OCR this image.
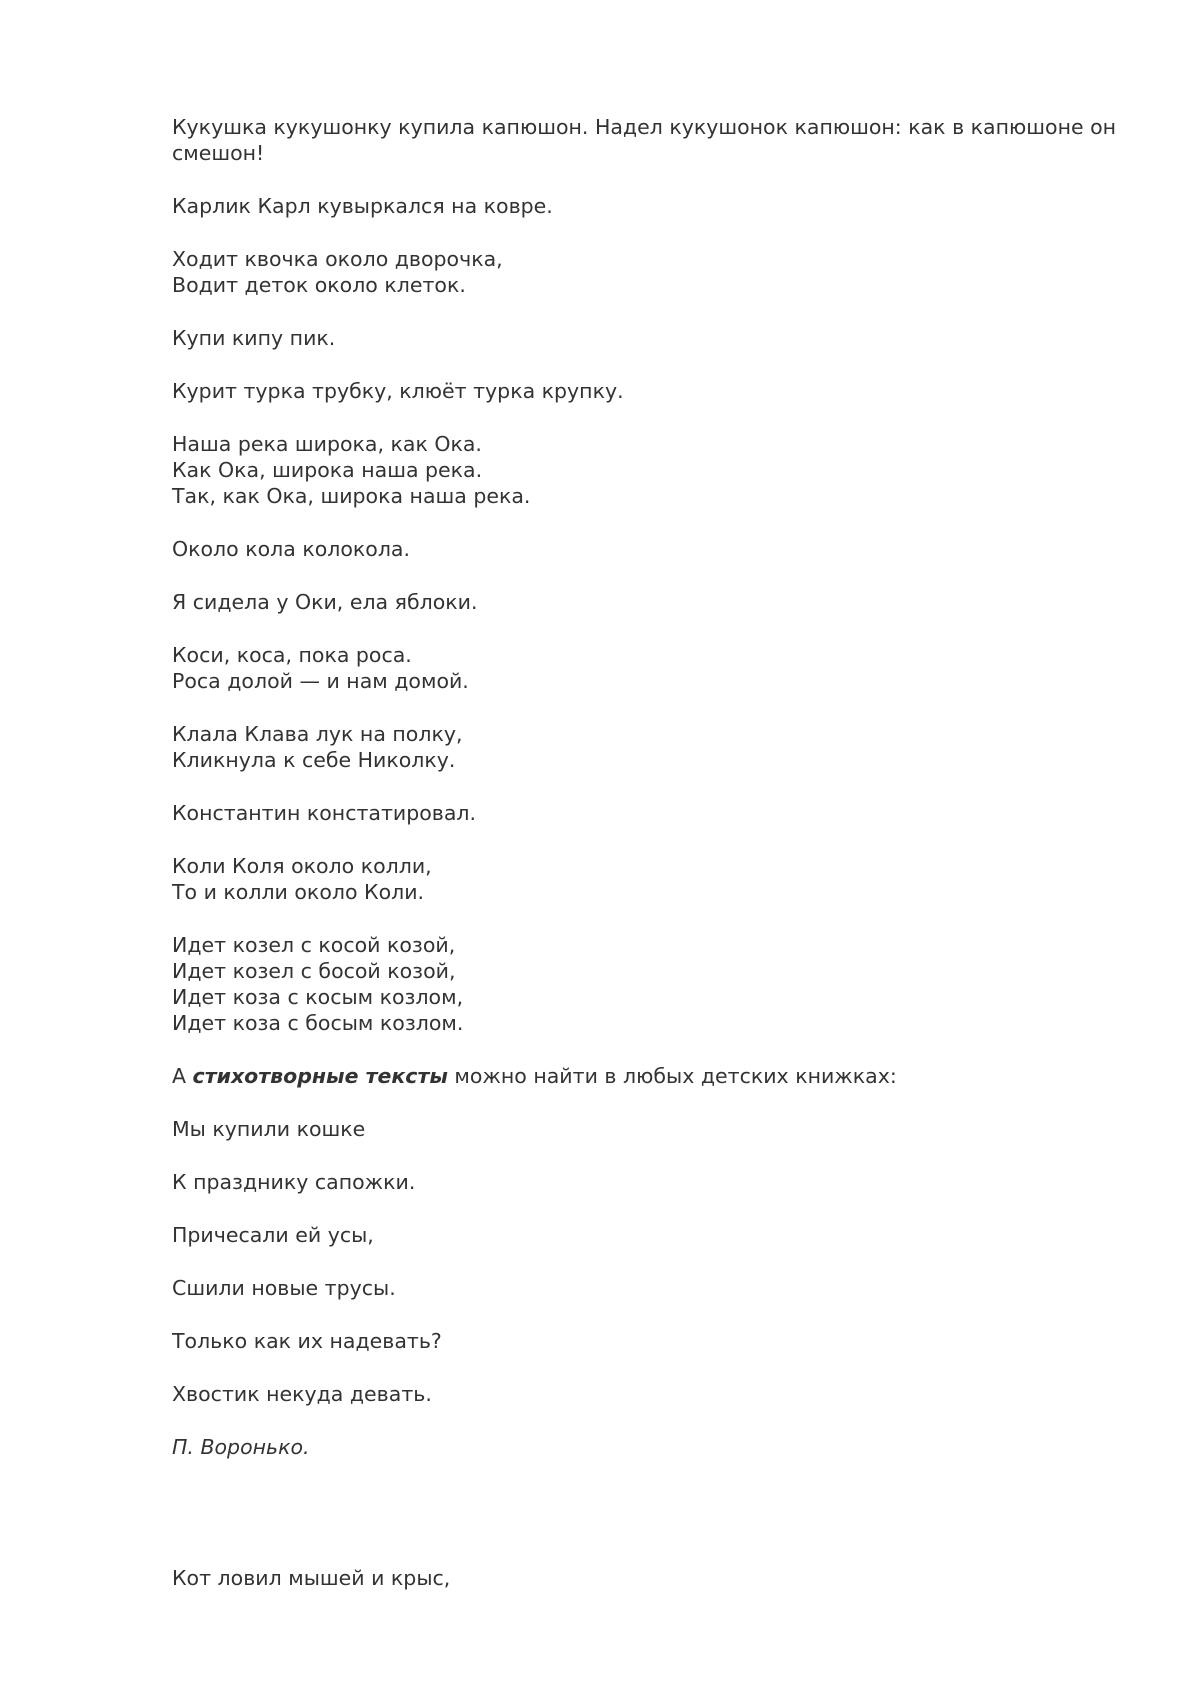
Кукушка кукушонку купила капюшон. Надел кукушонок капюшон: как в капюшоне он смешон!

Карлик Карл кувыркался на ковре.

Ходит квочка около дворочка,
Водит деток около клеток.

Купи кипу пик.

Курит турка трубку, клюёт турка крупку.

Наша река широка, как Ока.
Как Ока, широка наша река.
Так, как Ока, широка наша река.

Около кола колокола.

Я сидела у Оки, ела яблоки.

Коси, коса, пока роса.
Роса долой — и нам домой.

Клала Клава лук на полку,
Кликнула к себе Николку.

Константин констатировал.

Коли Коля около колли,
То и колли около Коли.

Идет козел с косой козой,
Идет козел с босой козой,
Идет коза с косым козлом,
Идет коза с босым козлом.

А стихотворные тексты можно найти в любых детских книжках:

Мы купили кошке

К празднику сапожки.

Причесали ей усы,

Сшили новые трусы.

Только как их надевать?

Хвостик некуда девать.

П. Воронько.

Кот ловил мышей и крыс,
